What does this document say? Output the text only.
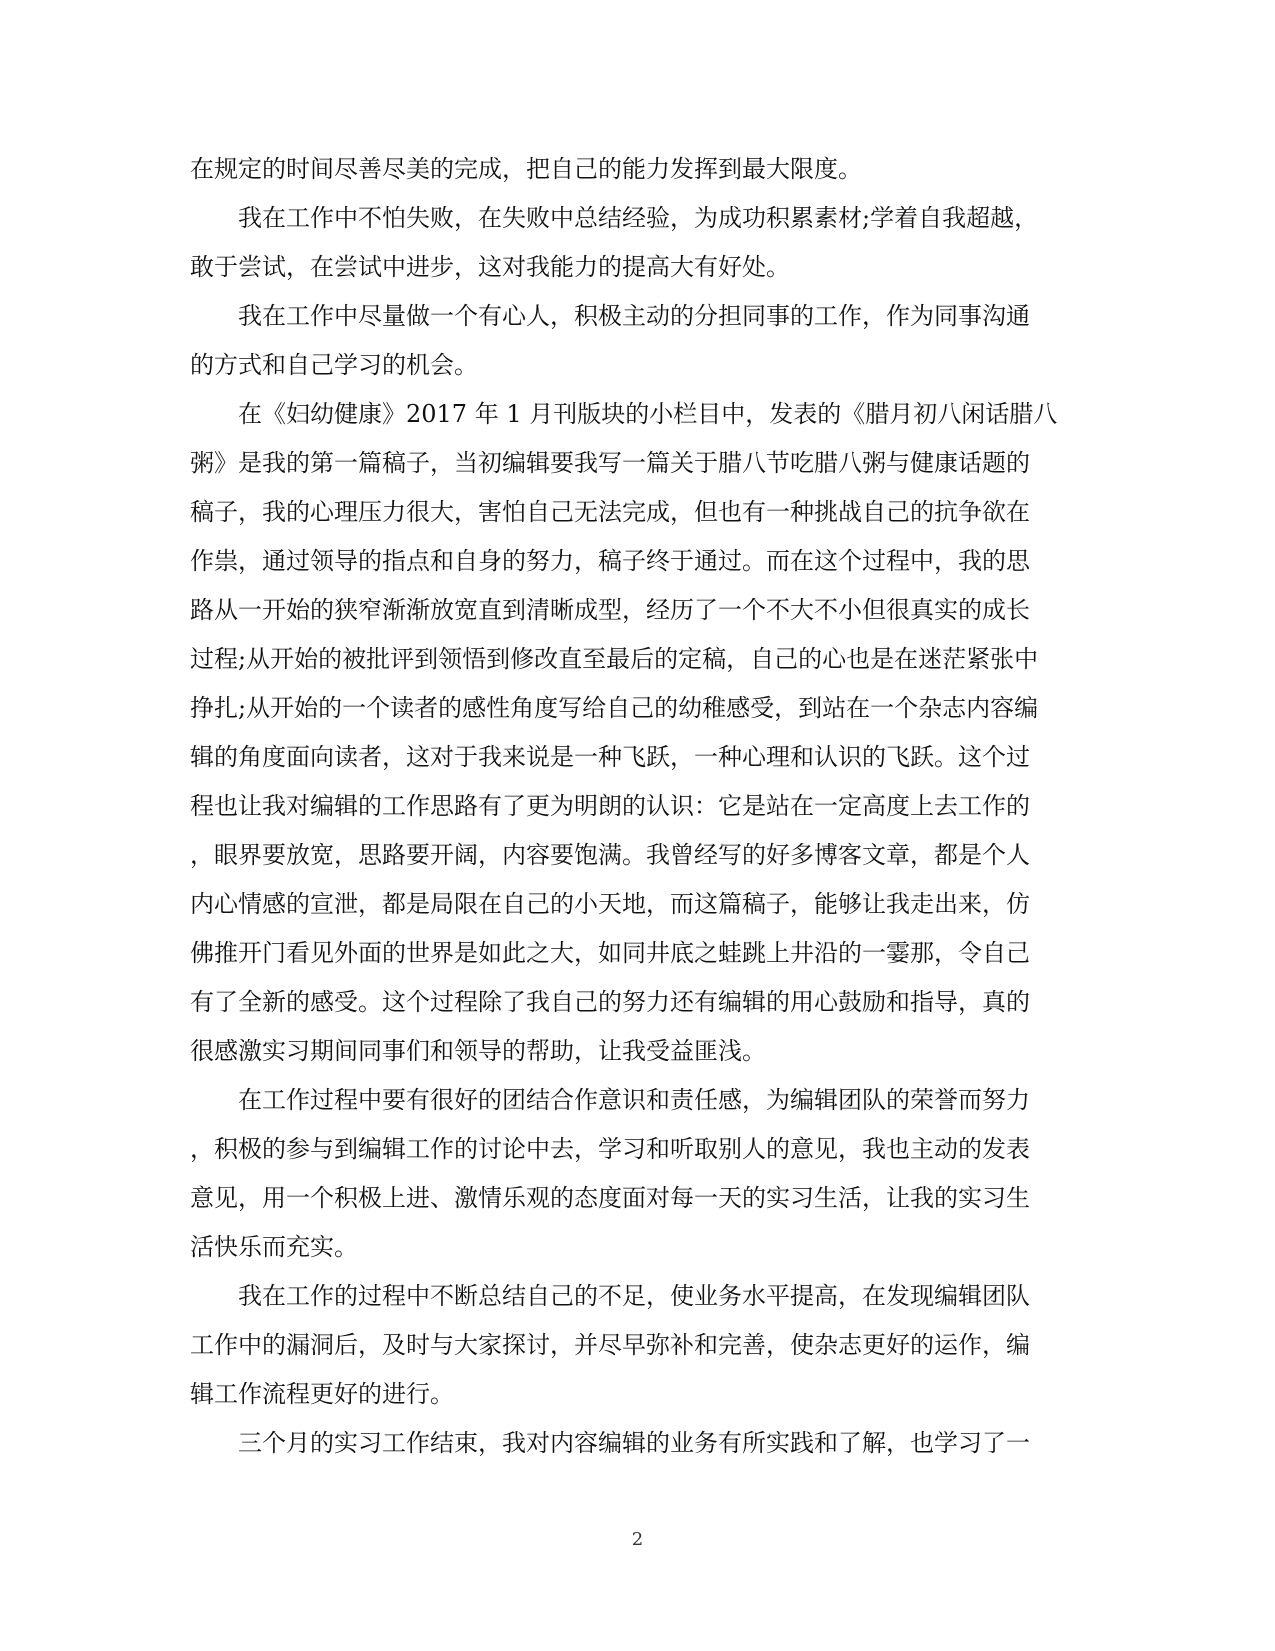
在规定的时间尽善尽美的完成，把自己的能力发挥到最大限度。
　　我在工作中不怕失败，在失败中总结经验，为成功积累素材;学着自我超越，
敢于尝试，在尝试中进步，这对我能力的提高大有好处。
　　我在工作中尽量做一个有心人，积极主动的分担同事的工作，作为同事沟通
的方式和自己学习的机会。
　　在《妇幼健康》2017 年 1 月刊版块的小栏目中，发表的《腊月初八闲话腊八
粥》是我的第一篇稿子，当初编辑要我写一篇关于腊八节吃腊八粥与健康话题的
稿子，我的心理压力很大，害怕自己无法完成，但也有一种挑战自己的抗争欲在
作祟，通过领导的指点和自身的努力，稿子终于通过。而在这个过程中，我的思
路从一开始的狭窄渐渐放宽直到清晰成型，经历了一个不大不小但很真实的成长
过程;从开始的被批评到领悟到修改直至最后的定稿，自己的心也是在迷茫紧张中
挣扎;从开始的一个读者的感性角度写给自己的幼稚感受，到站在一个杂志内容编
辑的角度面向读者，这对于我来说是一种飞跃，一种心理和认识的飞跃。这个过
程也让我对编辑的工作思路有了更为明朗的认识：它是站在一定高度上去工作的
，眼界要放宽，思路要开阔，内容要饱满。我曾经写的好多博客文章，都是个人
内心情感的宣泄，都是局限在自己的小天地，而这篇稿子，能够让我走出来，仿
佛推开门看见外面的世界是如此之大，如同井底之蛙跳上井沿的一霎那，令自己
有了全新的感受。这个过程除了我自己的努力还有编辑的用心鼓励和指导，真的
很感激实习期间同事们和领导的帮助，让我受益匪浅。
　　在工作过程中要有很好的团结合作意识和责任感，为编辑团队的荣誉而努力
，积极的参与到编辑工作的讨论中去，学习和听取别人的意见，我也主动的发表
意见，用一个积极上进、激情乐观的态度面对每一天的实习生活，让我的实习生
活快乐而充实。
　　我在工作的过程中不断总结自己的不足，使业务水平提高，在发现编辑团队
工作中的漏洞后，及时与大家探讨，并尽早弥补和完善，使杂志更好的运作，编
辑工作流程更好的进行。
　　三个月的实习工作结束，我对内容编辑的业务有所实践和了解，也学习了一
2
